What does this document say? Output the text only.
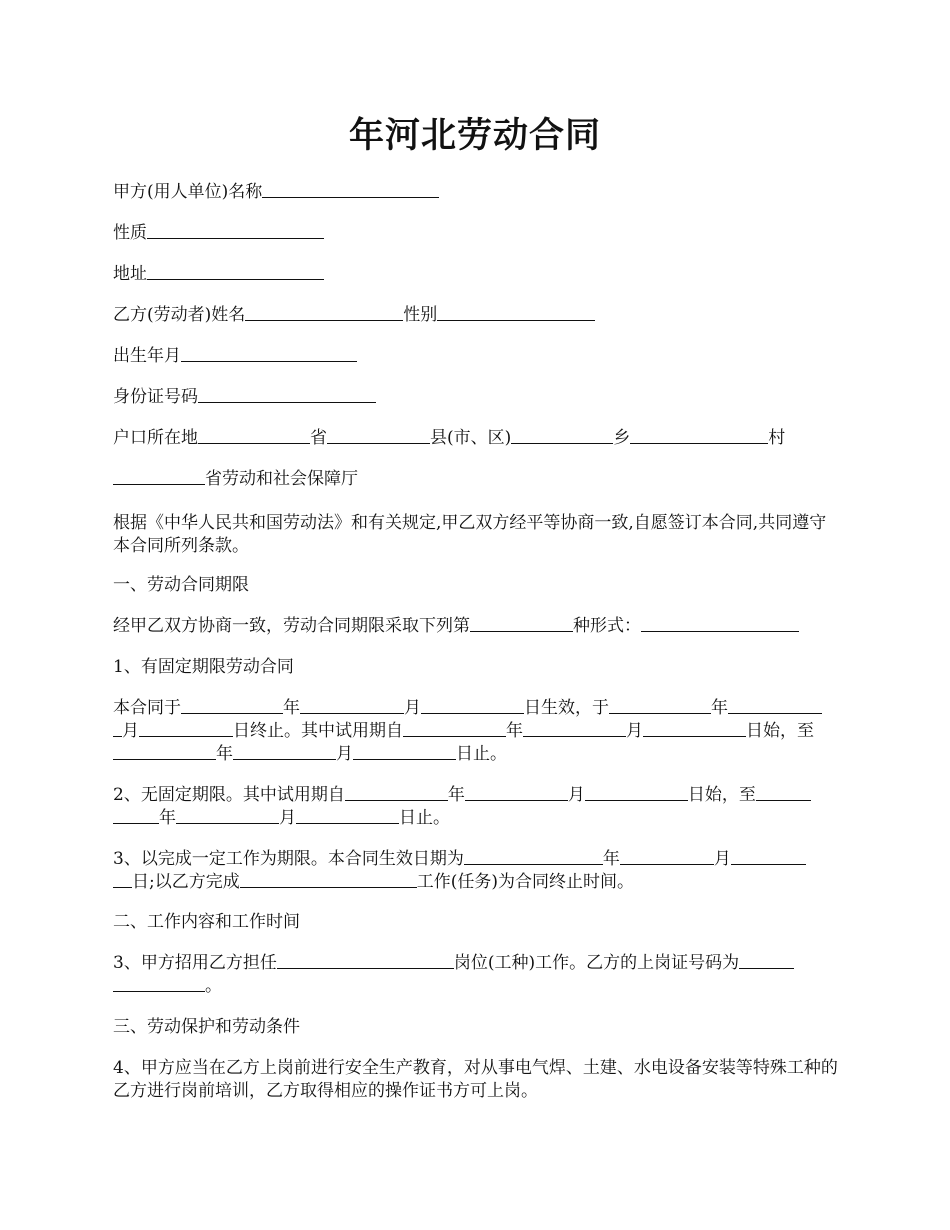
年河北劳动合同
甲方(用人单位)名称
性质
地址
乙方(劳动者)姓名	性别
出生年月
身份证号码
户口所在地	省	县(市、区)	乡	村
省劳动和社会保障厅
根据《中华人民共和国劳动法》和有关规定,甲乙双方经平等协商一致,自愿签订本合同,共同遵守本合同所列条款。
一、劳动合同期限
经甲乙双方协商一致，劳动合同期限采取下列第	种形式：
1、有固定期限劳动合同
本合同于	年	月	日生效，于	年
月	日终止。其中试用期自	年	月	日始，至
年	月	日止。
2、无固定期限。其中试用期自	年	月	日始，至
年	月	日止。
3、以完成一定工作为期限。本合同生效日期为	年	月
日;以乙方完成	工作(任务)为合同终止时间。
二、工作内容和工作时间
3、甲方招用乙方担任	岗位(工种)工作。乙方的上岗证号码为
。
三、劳动保护和劳动条件
4、甲方应当在乙方上岗前进行安全生产教育，对从事电气焊、土建、水电设备安装等特殊工种的乙方进行岗前培训，乙方取得相应的操作证书方可上岗。
